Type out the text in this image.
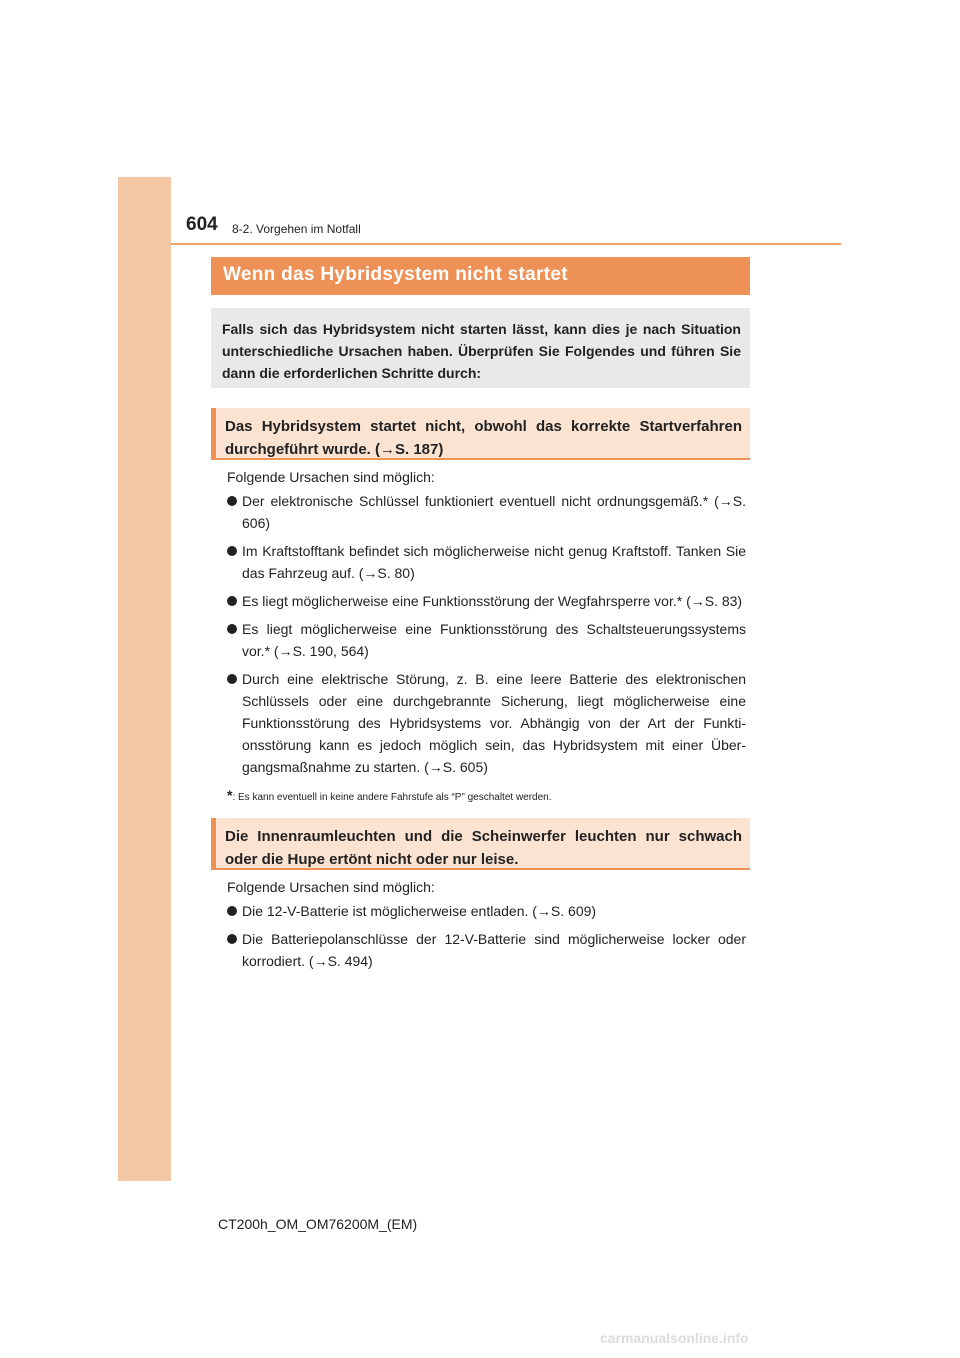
604 8-2. Vorgehen im Notfall
Wenn das Hybridsystem nicht startet
Falls sich das Hybridsystem nicht starten lässt, kann dies je nach Situation unterschiedliche Ursachen haben. Überprüfen Sie Folgendes und führen Sie dann die erforderlichen Schritte durch:
Das Hybridsystem startet nicht, obwohl das korrekte Startverfahren durchgeführt wurde. (→S. 187)
Folgende Ursachen sind möglich:
Der elektronische Schlüssel funktioniert eventuell nicht ordnungsgemäß.* (→S. 606)
Im Kraftstofftank befindet sich möglicherweise nicht genug Kraftstoff. Tanken Sie das Fahrzeug auf. (→S. 80)
Es liegt möglicherweise eine Funktionsstörung der Wegfahrsperre vor.* (→S. 83)
Es liegt möglicherweise eine Funktionsstörung des Schaltsteuerungssystems vor.* (→S. 190, 564)
Durch eine elektrische Störung, z. B. eine leere Batterie des elektronischen Schlüssels oder eine durchgebrannte Sicherung, liegt möglicherweise eine Funktionsstörung des Hybridsystems vor. Abhängig von der Art der Funkti-onsstörung kann es jedoch möglich sein, das Hybridsystem mit einer Über-gangsmaßnahme zu starten. (→S. 605)
*: Es kann eventuell in keine andere Fahrstufe als “P” geschaltet werden.
Die Innenraumleuchten und die Scheinwerfer leuchten nur schwach oder die Hupe ertönt nicht oder nur leise.
Folgende Ursachen sind möglich:
Die 12-V-Batterie ist möglicherweise entladen. (→S. 609)
Die Batteriepolanschlüsse der 12-V-Batterie sind möglicherweise locker oder korrodiert. (→S. 494)
CT200h_OM_OM76200M_(EM)
carmanualsonline.info
